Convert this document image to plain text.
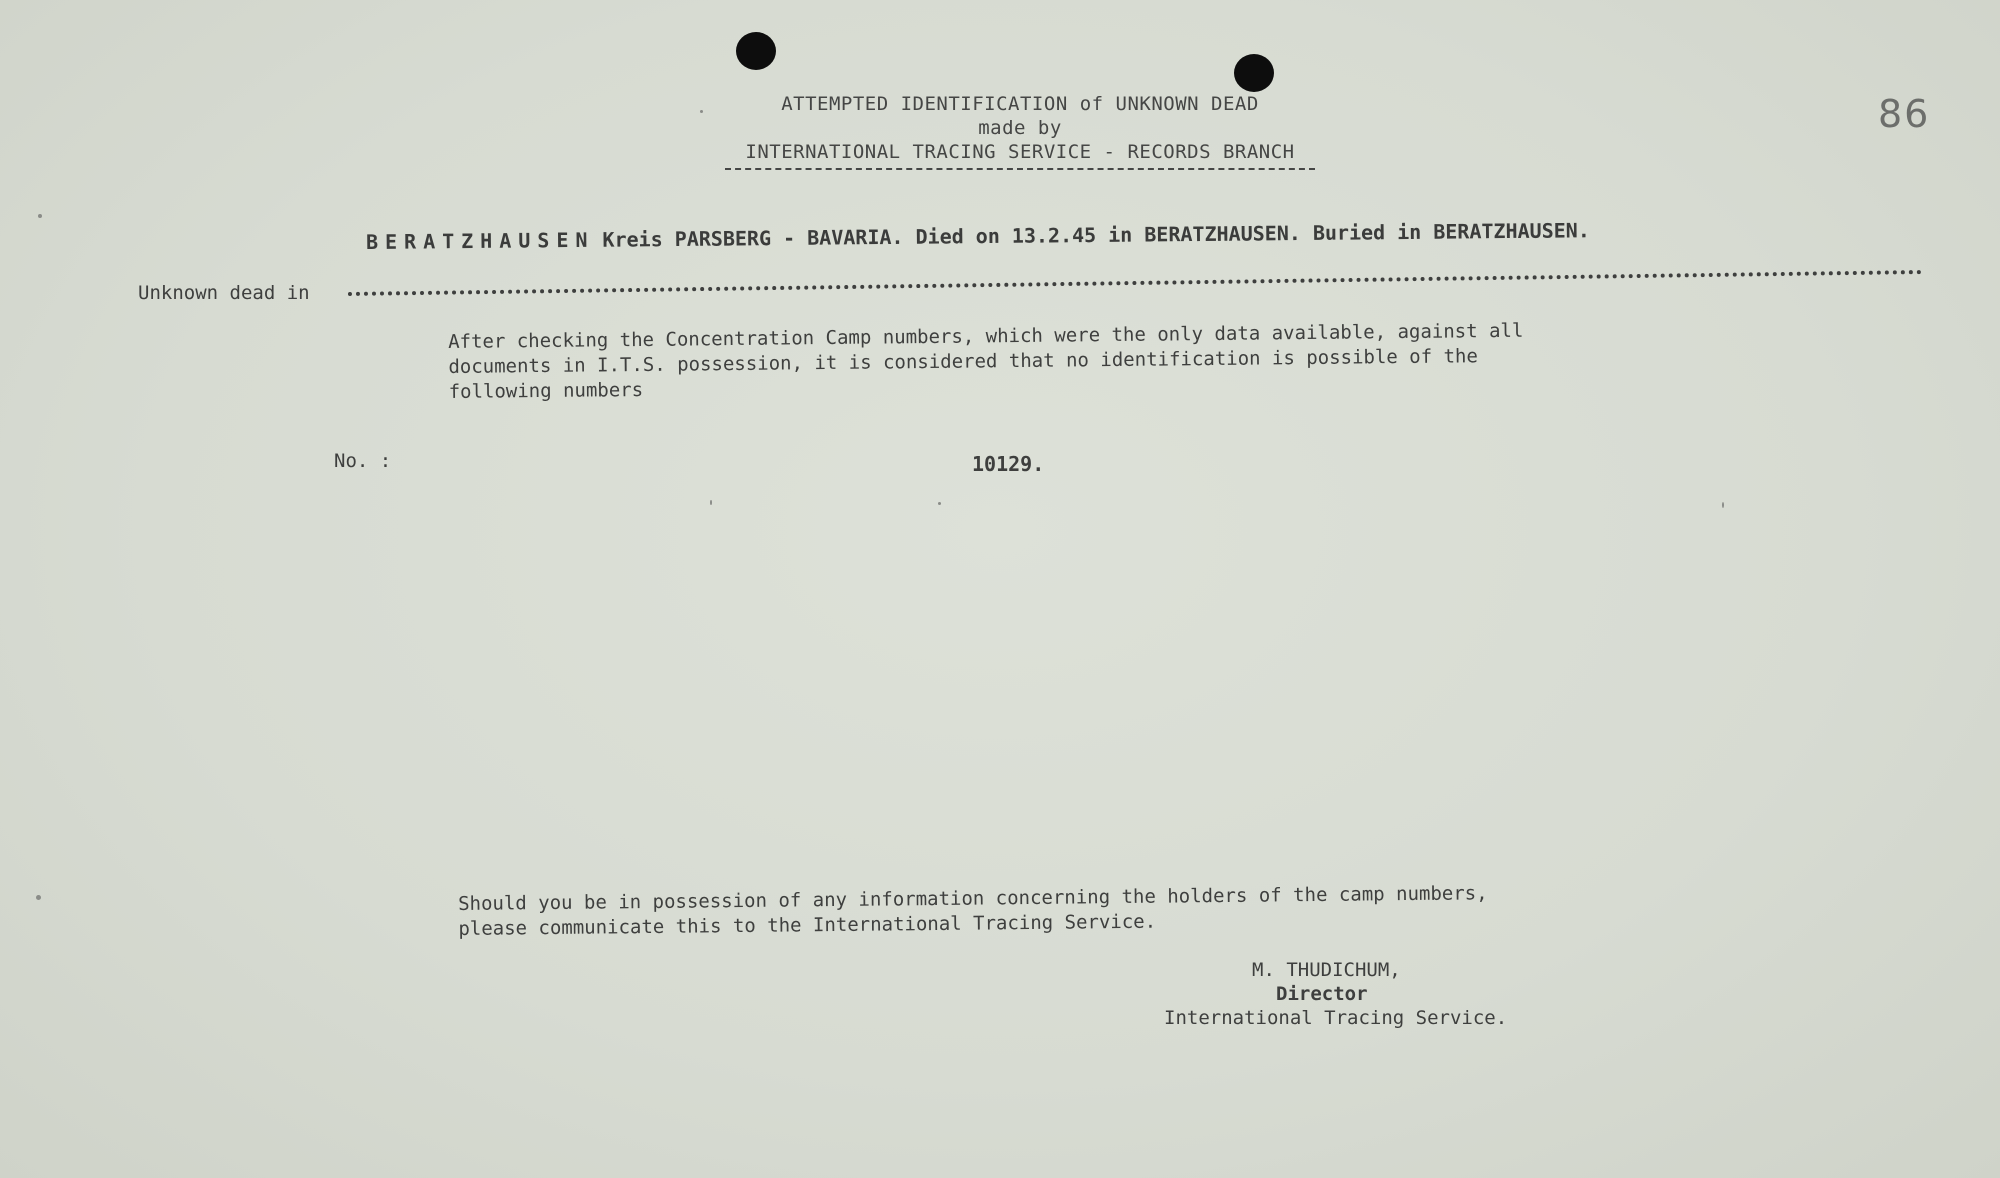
ATTEMPTED IDENTIFICATION of UNKNOWN DEAD
made by
INTERNATIONAL TRACING SERVICE - RECORDS BRANCH
86
BERATZHAUSEN Kreis PARSBERG - BAVARIA. Died on 13.2.45 in BERATZHAUSEN. Buried in BERATZHAUSEN.
Unknown dead in
After checking the Concentration Camp numbers, which were the only data available, against all
documents in I.T.S. possession, it is considered that no identification is possible of the
following numbers
No. :	10129.
Should you be in possession of any information concerning the holders of the camp numbers,
please communicate this to the International Tracing Service.
M. THUDICHUM,
Director
International Tracing Service.
